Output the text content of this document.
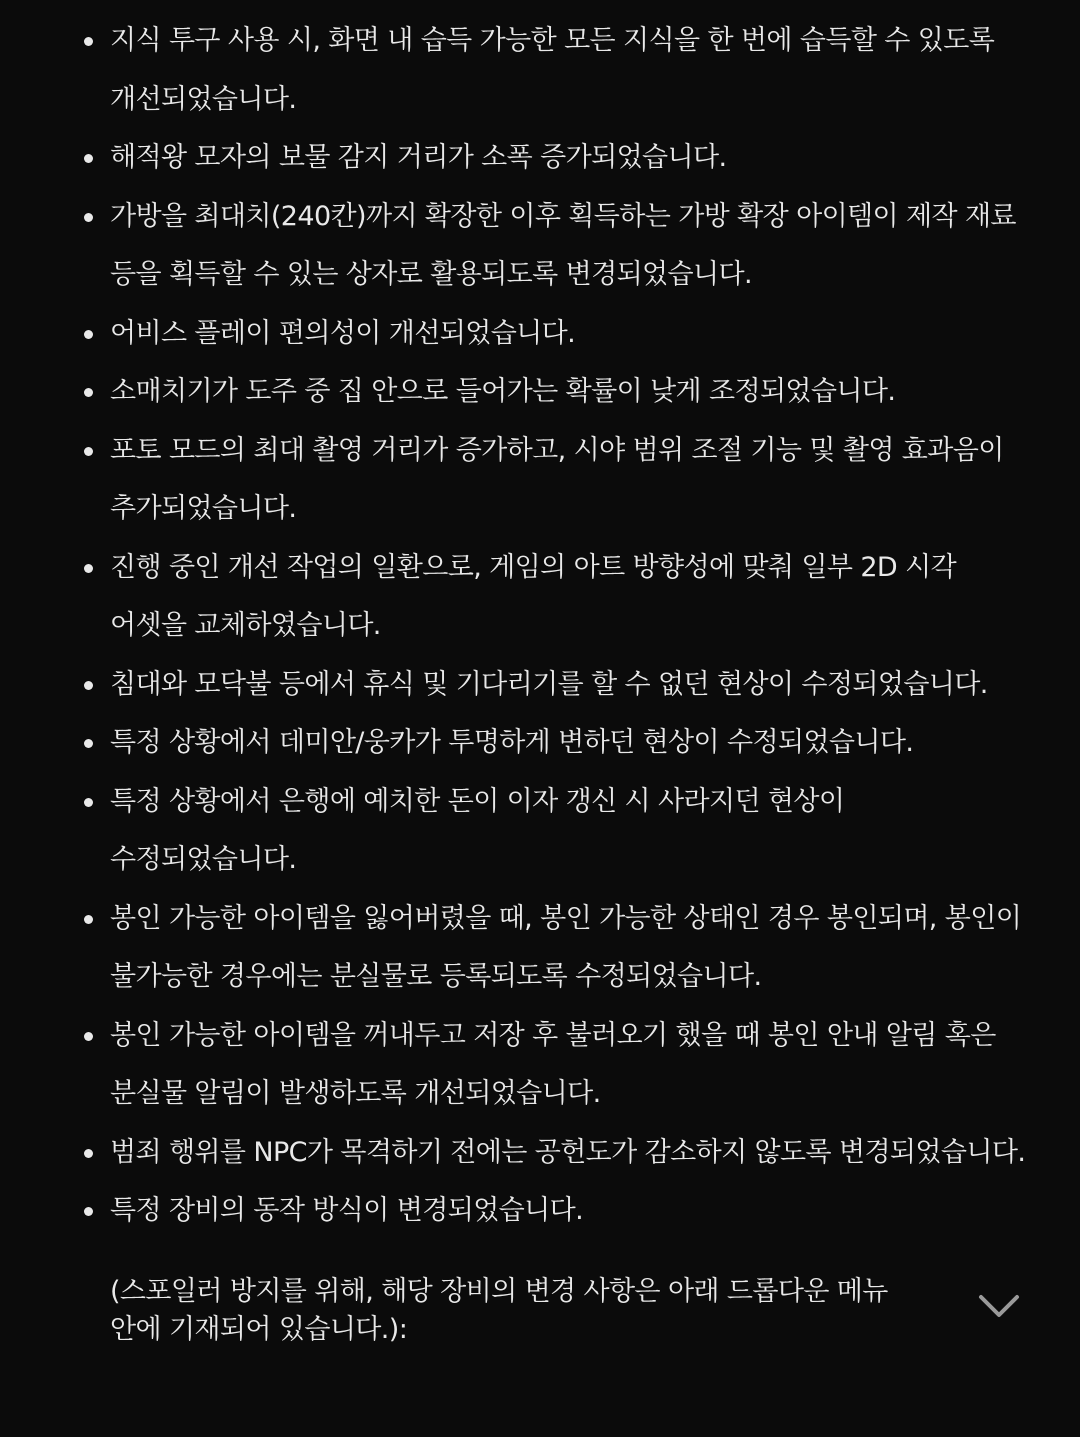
지식 투구 사용 시, 화면 내 습득 가능한 모든 지식을 한 번에 습득할 수 있도록 개선되었습니다.
해적왕 모자의 보물 감지 거리가 소폭 증가되었습니다.
가방을 최대치(240칸)까지 확장한 이후 획득하는 가방 확장 아이템이 제작 재료 등을 획득할 수 있는 상자로 활용되도록 변경되었습니다.
어비스 플레이 편의성이 개선되었습니다.
소매치기가 도주 중 집 안으로 들어가는 확률이 낮게 조정되었습니다.
포토 모드의 최대 촬영 거리가 증가하고, 시야 범위 조절 기능 및 촬영 효과음이 추가되었습니다.
진행 중인 개선 작업의 일환으로, 게임의 아트 방향성에 맞춰 일부 2D 시각 어셋을 교체하였습니다.
침대와 모닥불 등에서 휴식 및 기다리기를 할 수 없던 현상이 수정되었습니다.
특정 상황에서 데미안/웅카가 투명하게 변하던 현상이 수정되었습니다.
특정 상황에서 은행에 예치한 돈이 이자 갱신 시 사라지던 현상이 수정되었습니다.
봉인 가능한 아이템을 잃어버렸을 때, 봉인 가능한 상태인 경우 봉인되며, 봉인이 불가능한 경우에는 분실물로 등록되도록 수정되었습니다.
봉인 가능한 아이템을 꺼내두고 저장 후 불러오기 했을 때 봉인 안내 알림 혹은 분실물 알림이 발생하도록 개선되었습니다.
범죄 행위를 NPC가 목격하기 전에는 공헌도가 감소하지 않도록 변경되었습니다.
특정 장비의 동작 방식이 변경되었습니다.
(스포일러 방지를 위해, 해당 장비의 변경 사항은 아래 드롭다운 메뉴 안에 기재되어 있습니다.):
